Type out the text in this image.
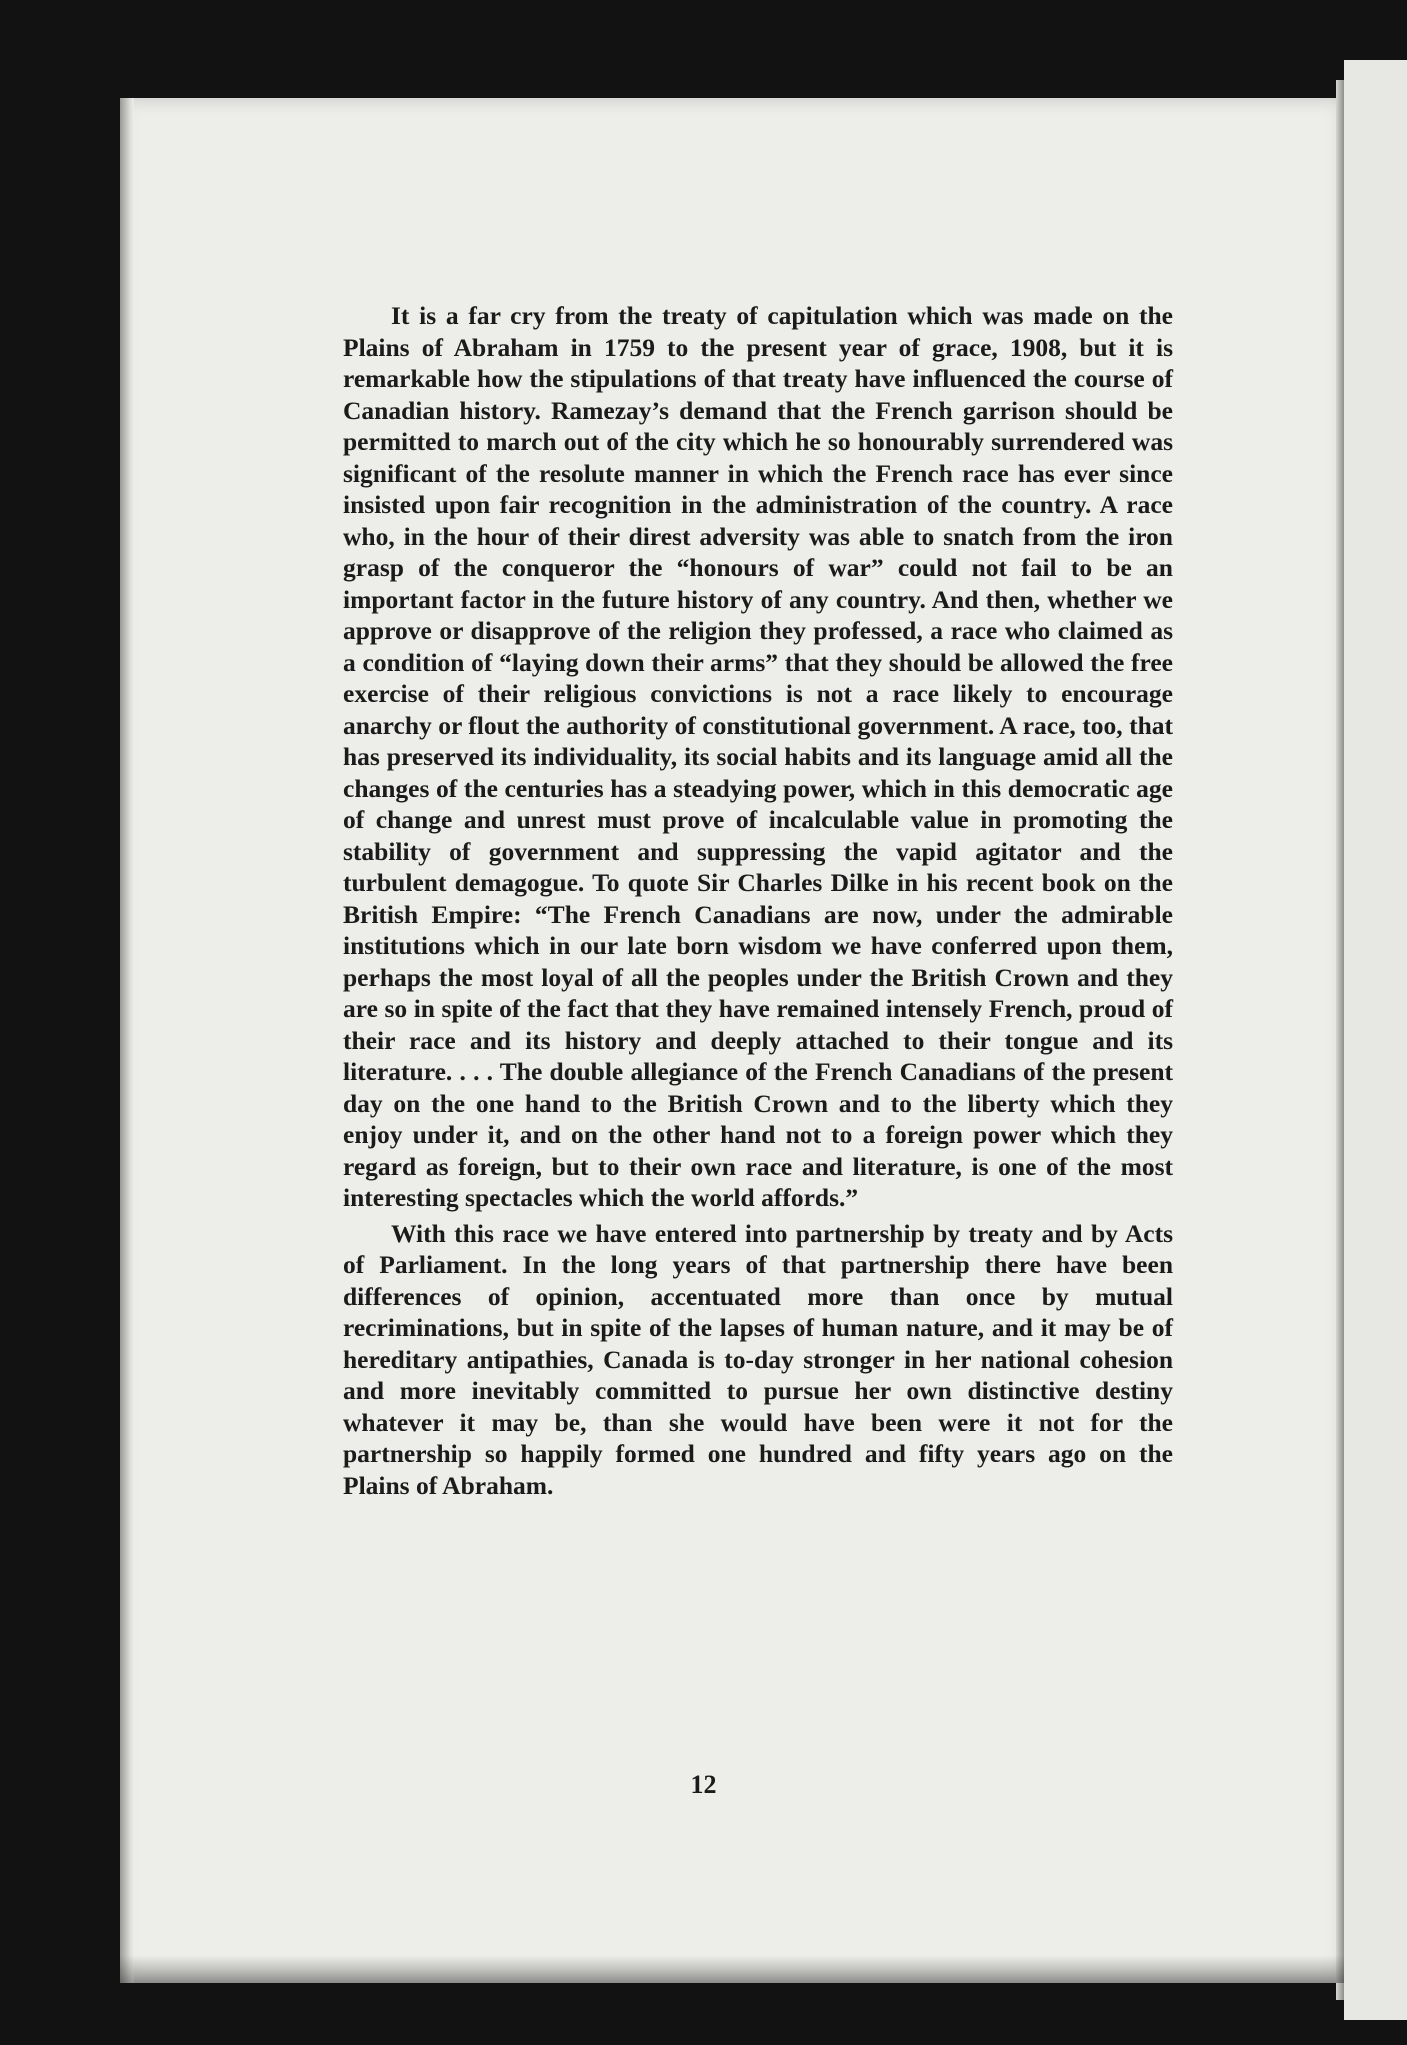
It is a far cry from the treaty of capitulation which was made on the Plains of Abraham in 1759 to the present year of grace, 1908, but it is remarkable how the stipulations of that treaty have influenced the course of Canadian history. Ramezay’s demand that the French garrison should be permitted to march out of the city which he so honourably surrendered was significant of the resolute manner in which the French race has ever since insisted upon fair recognition in the administration of the country. A race who, in the hour of their direst adversity was able to snatch from the iron grasp of the conqueror the “honours of war” could not fail to be an important factor in the future history of any country. And then, whether we approve or disapprove of the religion they professed, a race who claimed as a condition of “laying down their arms” that they should be allowed the free exercise of their religious convictions is not a race likely to encourage anarchy or flout the authority of constitutional government. A race, too, that has preserved its individuality, its social habits and its language amid all the changes of the centuries has a steadying power, which in this democratic age of change and unrest must prove of incalculable value in promoting the stability of government and suppressing the vapid agitator and the turbulent demagogue. To quote Sir Charles Dilke in his recent book on the British Empire: “The French Canadians are now, under the admirable institutions which in our late born wisdom we have conferred upon them, perhaps the most loyal of all the peoples under the British Crown and they are so in spite of the fact that they have remained intensely French, proud of their race and its history and deeply attached to their tongue and its literature. . . . The double allegiance of the French Canadians of the present day on the one hand to the British Crown and to the liberty which they enjoy under it, and on the other hand not to a foreign power which they regard as foreign, but to their own race and literature, is one of the most interesting spectacles which the world affords.”

With this race we have entered into partnership by treaty and by Acts of Parliament. In the long years of that partnership there have been differences of opinion, accentuated more than once by mutual recriminations, but in spite of the lapses of human nature, and it may be of hereditary antipathies, Canada is to-day stronger in her national cohesion and more inevitably committed to pursue her own distinctive destiny whatever it may be, than she would have been were it not for the partnership so happily formed one hundred and fifty years ago on the Plains of Abraham.

12
